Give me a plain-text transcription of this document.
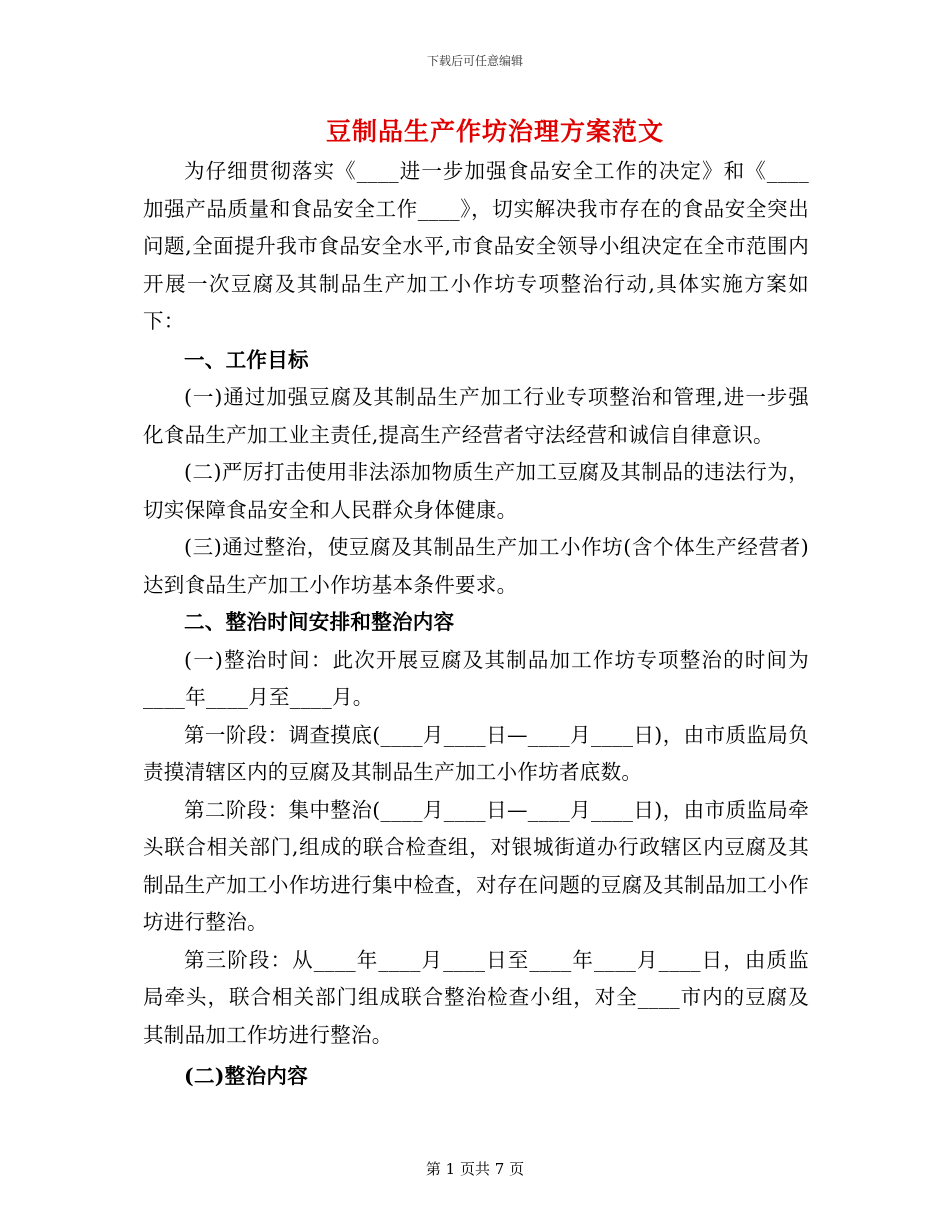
下载后可任意编辑
豆制品生产作坊治理方案范文

为仔细贯彻落实《____进一步加强食品安全工作的决定》和《____加强产品质量和食品安全工作____》，切实解决我市存在的食品安全突出问题,全面提升我市食品安全水平,市食品安全领导小组决定在全市范围内开展一次豆腐及其制品生产加工小作坊专项整治行动,具体实施方案如下：

一、工作目标

(一)通过加强豆腐及其制品生产加工行业专项整治和管理,进一步强化食品生产加工业主责任,提高生产经营者守法经营和诚信自律意识。

(二)严厉打击使用非法添加物质生产加工豆腐及其制品的违法行为，切实保障食品安全和人民群众身体健康。

(三)通过整治，使豆腐及其制品生产加工小作坊(含个体生产经营者)达到食品生产加工小作坊基本条件要求。

二、整治时间安排和整治内容

(一)整治时间：此次开展豆腐及其制品加工作坊专项整治的时间为____年____月至____月。

第一阶段：调查摸底(____月____日—____月____日)，由市质监局负责摸清辖区内的豆腐及其制品生产加工小作坊者底数。

第二阶段：集中整治(____月____日—____月____日)，由市质监局牵头联合相关部门,组成的联合检查组，对银城街道办行政辖区内豆腐及其制品生产加工小作坊进行集中检查，对存在问题的豆腐及其制品加工小作坊进行整治。

第三阶段：从____年____月____日至____年____月____日，由质监局牵头，联合相关部门组成联合整治检查小组，对全____市内的豆腐及其制品加工作坊进行整治。

(二)整治内容

第 1 页共 7 页
